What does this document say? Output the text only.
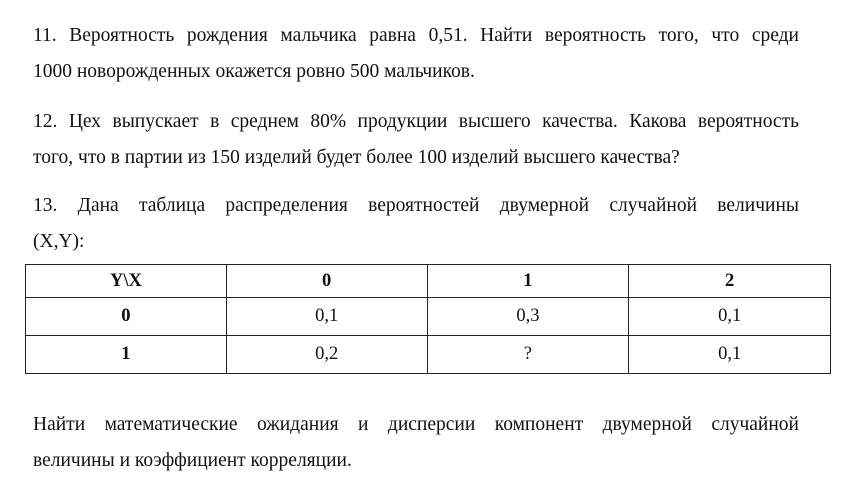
11. Вероятность рождения мальчика равна 0,51. Найти вероятность того, что среди
1000 новорожденных окажется ровно 500 мальчиков.

12. Цех выпускает в среднем 80% продукции высшего качества. Какова вероятность
того, что в партии из 150 изделий будет более 100 изделий высшего качества?

13. Дана таблица распределения вероятностей двумерной случайной величины
(X,Y):

Y\X	0	1	2
0	0,1	0,3	0,1
1	0,2	?	0,1

Найти математические ожидания и дисперсии компонент двумерной случайной
величины и коэффициент корреляции.
